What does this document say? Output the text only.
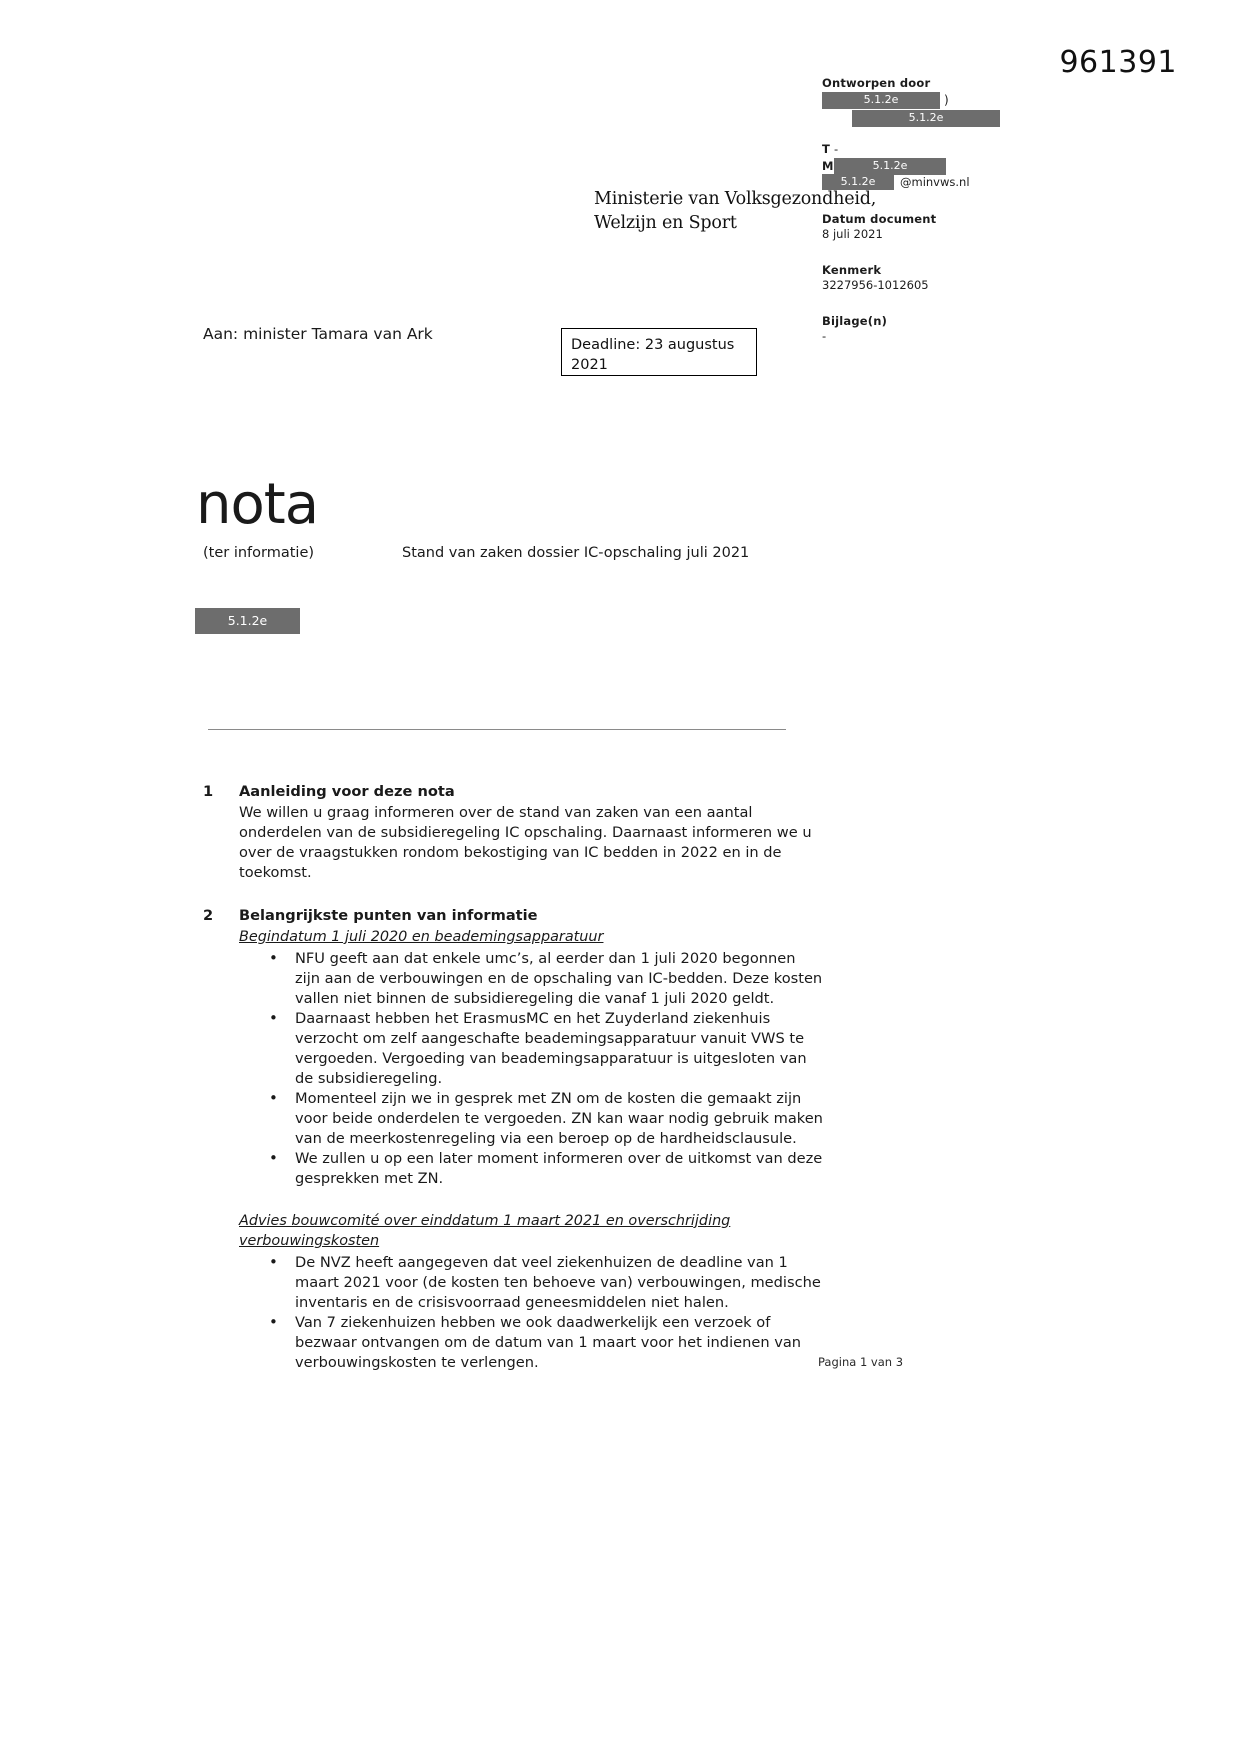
961391
Ontworpen door
5.1.2e	)
5.1.2e
T -
M	5.1.2e
5.1.2e @minvws.nl
Datum document
8 juli 2021
Kenmerk
3227956-1012605
Bijlage(n)
-
Ministerie van Volksgezondheid, Welzijn en Sport
Aan: minister Tamara van Ark
Deadline: 23 augustus 2021
nota
(ter informatie)	Stand van zaken dossier IC-opschaling juli 2021
5.1.2e
1	Aanleiding voor deze nota

We willen u graag informeren over de stand van zaken van een aantal onderdelen van de subsidieregeling IC opschaling. Daarnaast informeren we u over de vraagstukken rondom bekostiging van IC bedden in 2022 en in de toekomst.

2	Belangrijkste punten van informatie
Begindatum 1 juli 2020 en beademingsapparatuur
• NFU geeft aan dat enkele umc’s, al eerder dan 1 juli 2020 begonnen zijn aan de verbouwingen en de opschaling van IC-bedden. Deze kosten vallen niet binnen de subsidieregeling die vanaf 1 juli 2020 geldt.
• Daarnaast hebben het ErasmusMC en het Zuyderland ziekenhuis verzocht om zelf aangeschafte beademingsapparatuur vanuit VWS te vergoeden. Vergoeding van beademingsapparatuur is uitgesloten van de subsidieregeling.
• Momenteel zijn we in gesprek met ZN om de kosten die gemaakt zijn voor beide onderdelen te vergoeden. ZN kan waar nodig gebruik maken van de meerkostenregeling via een beroep op de hardheidsclausule.
• We zullen u op een later moment informeren over de uitkomst van deze gesprekken met ZN.
Advies bouwcomité over einddatum 1 maart 2021 en overschrijding verbouwingskosten
• De NVZ heeft aangegeven dat veel ziekenhuizen de deadline van 1 maart 2021 voor (de kosten ten behoeve van) verbouwingen, medische inventaris en de crisisvoorraad geneesmiddelen niet halen.
• Van 7 ziekenhuizen hebben we ook daadwerkelijk een verzoek of bezwaar ontvangen om de datum van 1 maart voor het indienen van verbouwingskosten te verlengen.	Pagina 1 van 3
